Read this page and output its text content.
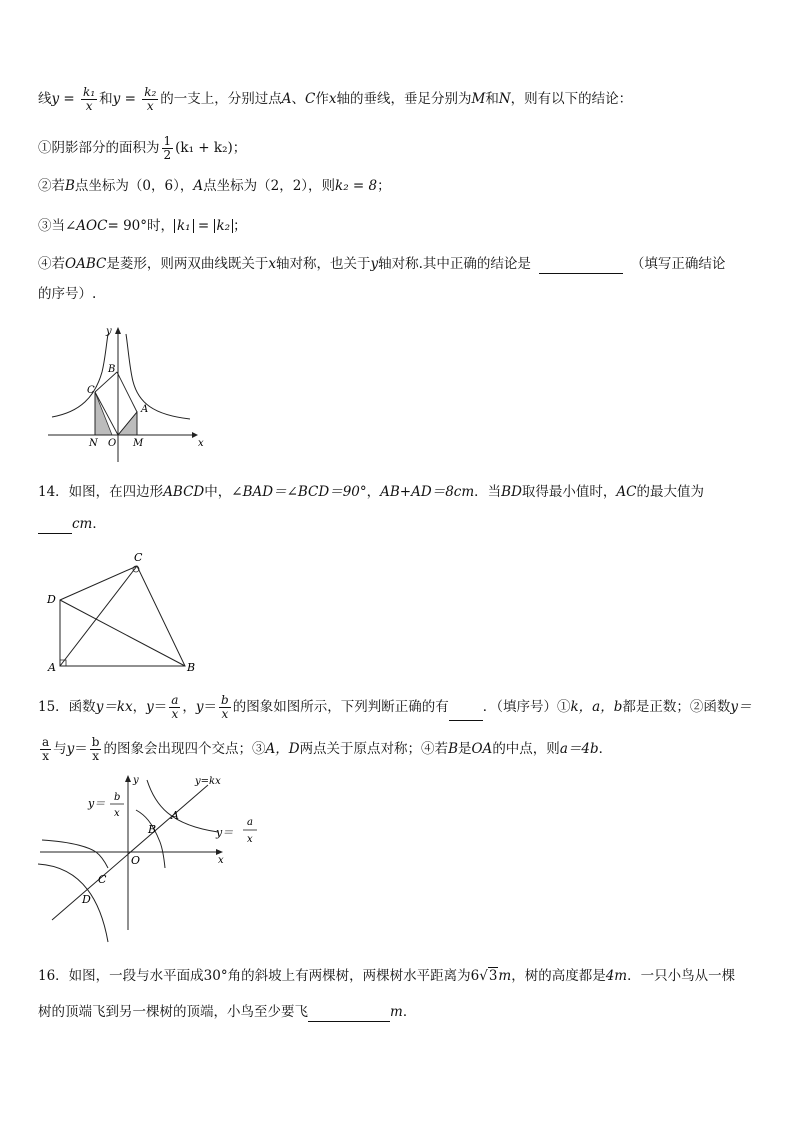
线$y = \frac{\text{k₁}}{x}$ 和$y = \frac{\text{k₂}}{x}$ 的一支上，分别过点A、C作x轴的垂线，垂足分别为M和N，则有以下的结论：
①阴影部分的面积为 $\frac{1}{2} (k_1 + k_2)$；
②若B点坐标为（0，6），A点坐标为（2，2），则k₂ = 8；
③当∠AOC= 90°时， k₁ = k₂ ；
④若OABC是菱形，则两双曲线既关于x轴对称，也关于y轴对称.其中正确的结论是	（填写正确结论
的序号）.
y
x
B
C
A
N O M
14．如图，在四边形ABCD中，∠BAD＝∠BCD＝90°，AB+AD＝8cm．当BD取得最小值时，AC的最大值为
cm．
C
D
A	B
15．函数y＝kx，$y= \frac{a}{x}$ ，$y= \frac{b}{x}$ 的图象如图所示，下列判断正确的有	．（填序号）①k，a，b都是正数；②函数y＝
$\frac{a}{x}$ 与$y= \frac{b}{x}$ 的图象会出现四个交点；③A，D两点关于原点对称；④若B是OA的中点，则a＝4b．
y
x
y=kx
y＝ b
x
y＝
a
x
A
B
O
C
D
16．如图，一段与水平面成30°角的斜坡上有两棵树，两棵树水平距离为6√3m，树的高度都是4m．一只小鸟从一棵
树的顶端飞到另一棵树的顶端，小鸟至少要飞	m．
